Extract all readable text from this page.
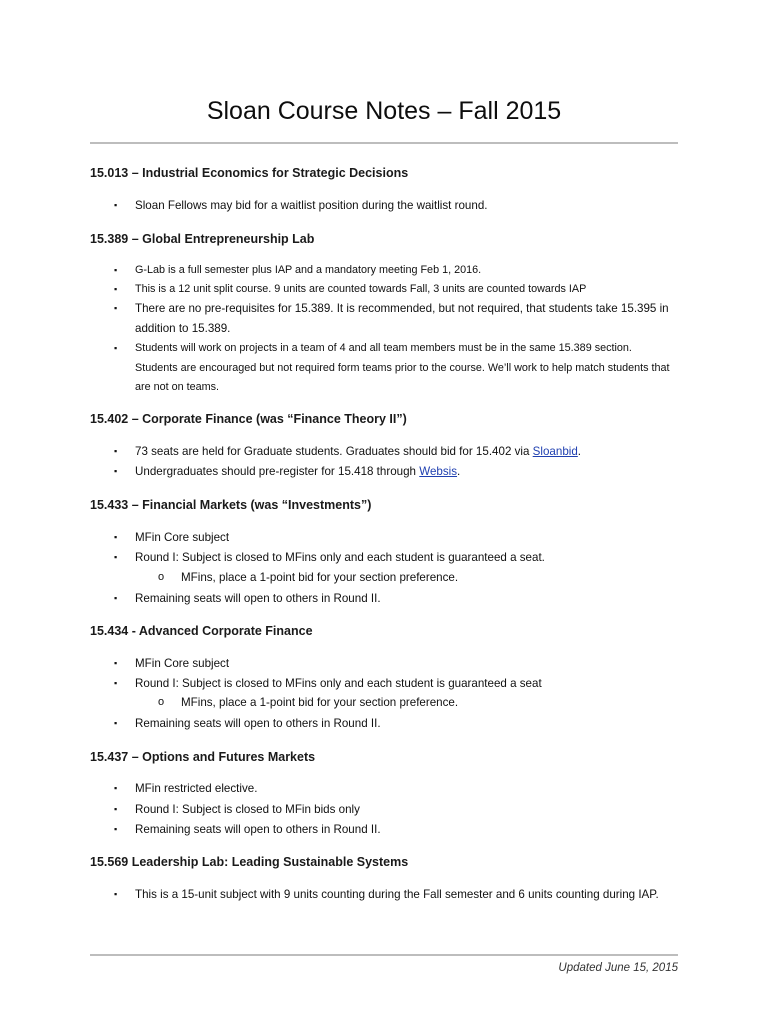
Sloan Course Notes – Fall 2015
15.013 – Industrial Economics for Strategic Decisions
▪	Sloan Fellows may bid for a waitlist position during the waitlist round.
15.389 – Global Entrepreneurship Lab
▪	G-Lab is a full semester plus IAP and a mandatory meeting Feb 1, 2016.
▪	This is a 12 unit split course. 9 units are counted towards Fall, 3 units are counted towards IAP
▪	There are no pre-requisites for 15.389. It is recommended, but not required, that students take 15.395 in addition to 15.389.
▪	Students will work on projects in a team of 4 and all team members must be in the same 15.389 section. Students are encouraged but not required form teams prior to the course. We’ll work to help match students that are not on teams.
15.402 – Corporate Finance (was “Finance Theory II”)
▪	73 seats are held for Graduate students. Graduates should bid for 15.402 via Sloanbid.
▪	Undergraduates should pre-register for 15.418 through Websis.
15.433 – Financial Markets (was “Investments”)
▪	MFin Core subject
▪	Round I: Subject is closed to MFins only and each student is guaranteed a seat.
o MFins, place a 1-point bid for your section preference.
▪	Remaining seats will open to others in Round II.
15.434 - Advanced Corporate Finance
▪	MFin Core subject
▪	Round I: Subject is closed to MFins only and each student is guaranteed a seat
o MFins, place a 1-point bid for your section preference.
▪	Remaining seats will open to others in Round II.
15.437 – Options and Futures Markets
▪	MFin restricted elective.
▪	Round I: Subject is closed to MFin bids only
▪	Remaining seats will open to others in Round II.
15.569 Leadership Lab: Leading Sustainable Systems
▪	This is a 15-unit subject with 9 units counting during the Fall semester and 6 units counting during IAP.
Updated June 15, 2015
